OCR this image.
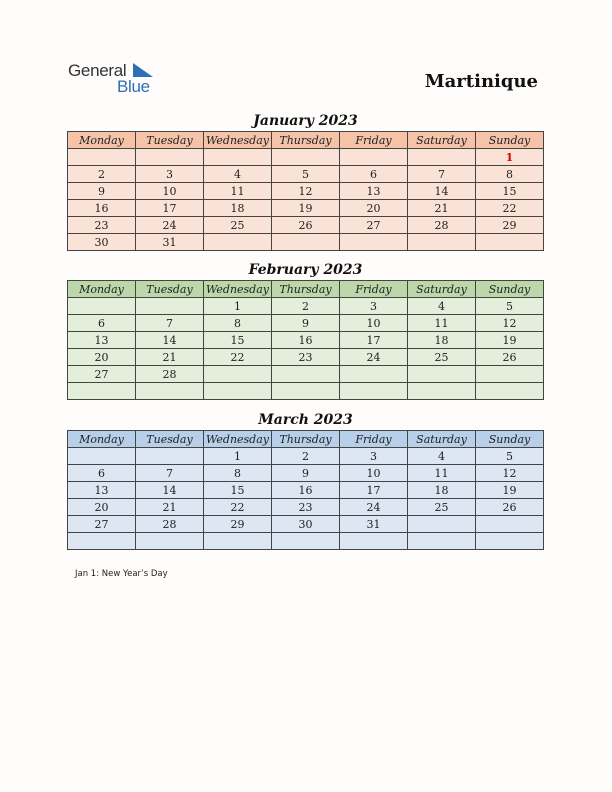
General
Blue	Martinique
January 2023
Monday	Tuesday	Wednesday	Thursday	Friday	Saturday	Sunday
						1
2	3	4	5	6	7	8
9	10	11	12	13	14	15
16	17	18	19	20	21	22
23	24	25	26	27	28	29
30	31					
February 2023
Monday	Tuesday	Wednesday	Thursday	Friday	Saturday	Sunday
		1	2	3	4	5
6	7	8	9	10	11	12
13	14	15	16	17	18	19
20	21	22	23	24	25	26
27	28					

March 2023
Monday	Tuesday	Wednesday	Thursday	Friday	Saturday	Sunday
		1	2	3	4	5
6	7	8	9	10	11	12
13	14	15	16	17	18	19
20	21	22	23	24	25	26
27	28	29	30	31		

Jan 1: New Year’s Day
